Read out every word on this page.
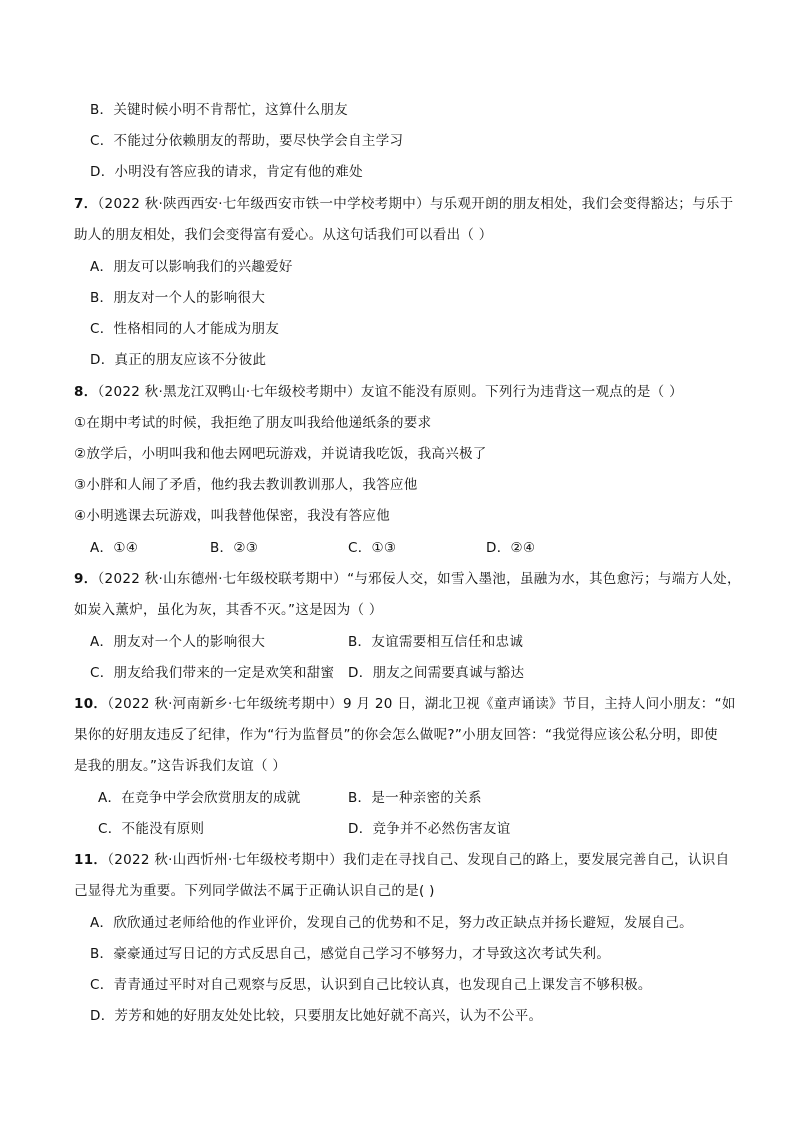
B．关键时候小明不肯帮忙，这算什么朋友
C．不能过分依赖朋友的帮助，要尽快学会自主学习
D．小明没有答应我的请求，肯定有他的难处
7．（2022 秋·陕西西安·七年级西安市铁一中学校考期中）与乐观开朗的朋友相处，我们会变得豁达；与乐于
助人的朋友相处，我们会变得富有爱心。从这句话我们可以看出（ ）
A．朋友可以影响我们的兴趣爱好
B．朋友对一个人的影响很大
C．性格相同的人才能成为朋友
D．真正的朋友应该不分彼此
8．（2022 秋·黑龙江双鸭山·七年级校考期中）友谊不能没有原则。下列行为违背这一观点的是（ ）
①在期中考试的时候，我拒绝了朋友叫我给他递纸条的要求
②放学后，小明叫我和他去网吧玩游戏，并说请我吃饭，我高兴极了
③小胖和人闹了矛盾，他约我去教训教训那人，我答应他
④小明逃课去玩游戏，叫我替他保密，我没有答应他
A．①④	B．②③	C．①③	D．②④
9．（2022 秋·山东德州·七年级校联考期中）“与邪佞人交，如雪入墨池，虽融为水，其色愈污；与端方人处，
如炭入薰炉，虽化为灰，其香不灭。”这是因为（ ）
A．朋友对一个人的影响很大	B．友谊需要相互信任和忠诚
C．朋友给我们带来的一定是欢笑和甜蜜 D．朋友之间需要真诚与豁达
10．（2022 秋·河南新乡·七年级统考期中）9 月 20 日，湖北卫视《童声诵读》节目，主持人问小朋友：“如
果你的好朋友违反了纪律，作为“行为监督员”的你会怎么做呢?”小朋友回答：“我觉得应该公私分明，即使
是我的朋友。”这告诉我们友谊（ ）
A．在竞争中学会欣赏朋友的成就	B．是一种亲密的关系
C．不能没有原则	D．竞争并不必然伤害友谊
11．（2022 秋·山西忻州·七年级校考期中）我们走在寻找自己、发现自己的路上，要发展完善自己，认识自
己显得尤为重要。下列同学做法不属于正确认识自己的是( )
A．欣欣通过老师给他的作业评价，发现自己的优势和不足，努力改正缺点并扬长避短，发展自己。
B．豪豪通过写日记的方式反思自己，感觉自己学习不够努力，才导致这次考试失利。
C．青青通过平时对自己观察与反思，认识到自己比较认真，也发现自己上课发言不够积极。
D．芳芳和她的好朋友处处比较，只要朋友比她好就不高兴，认为不公平。
